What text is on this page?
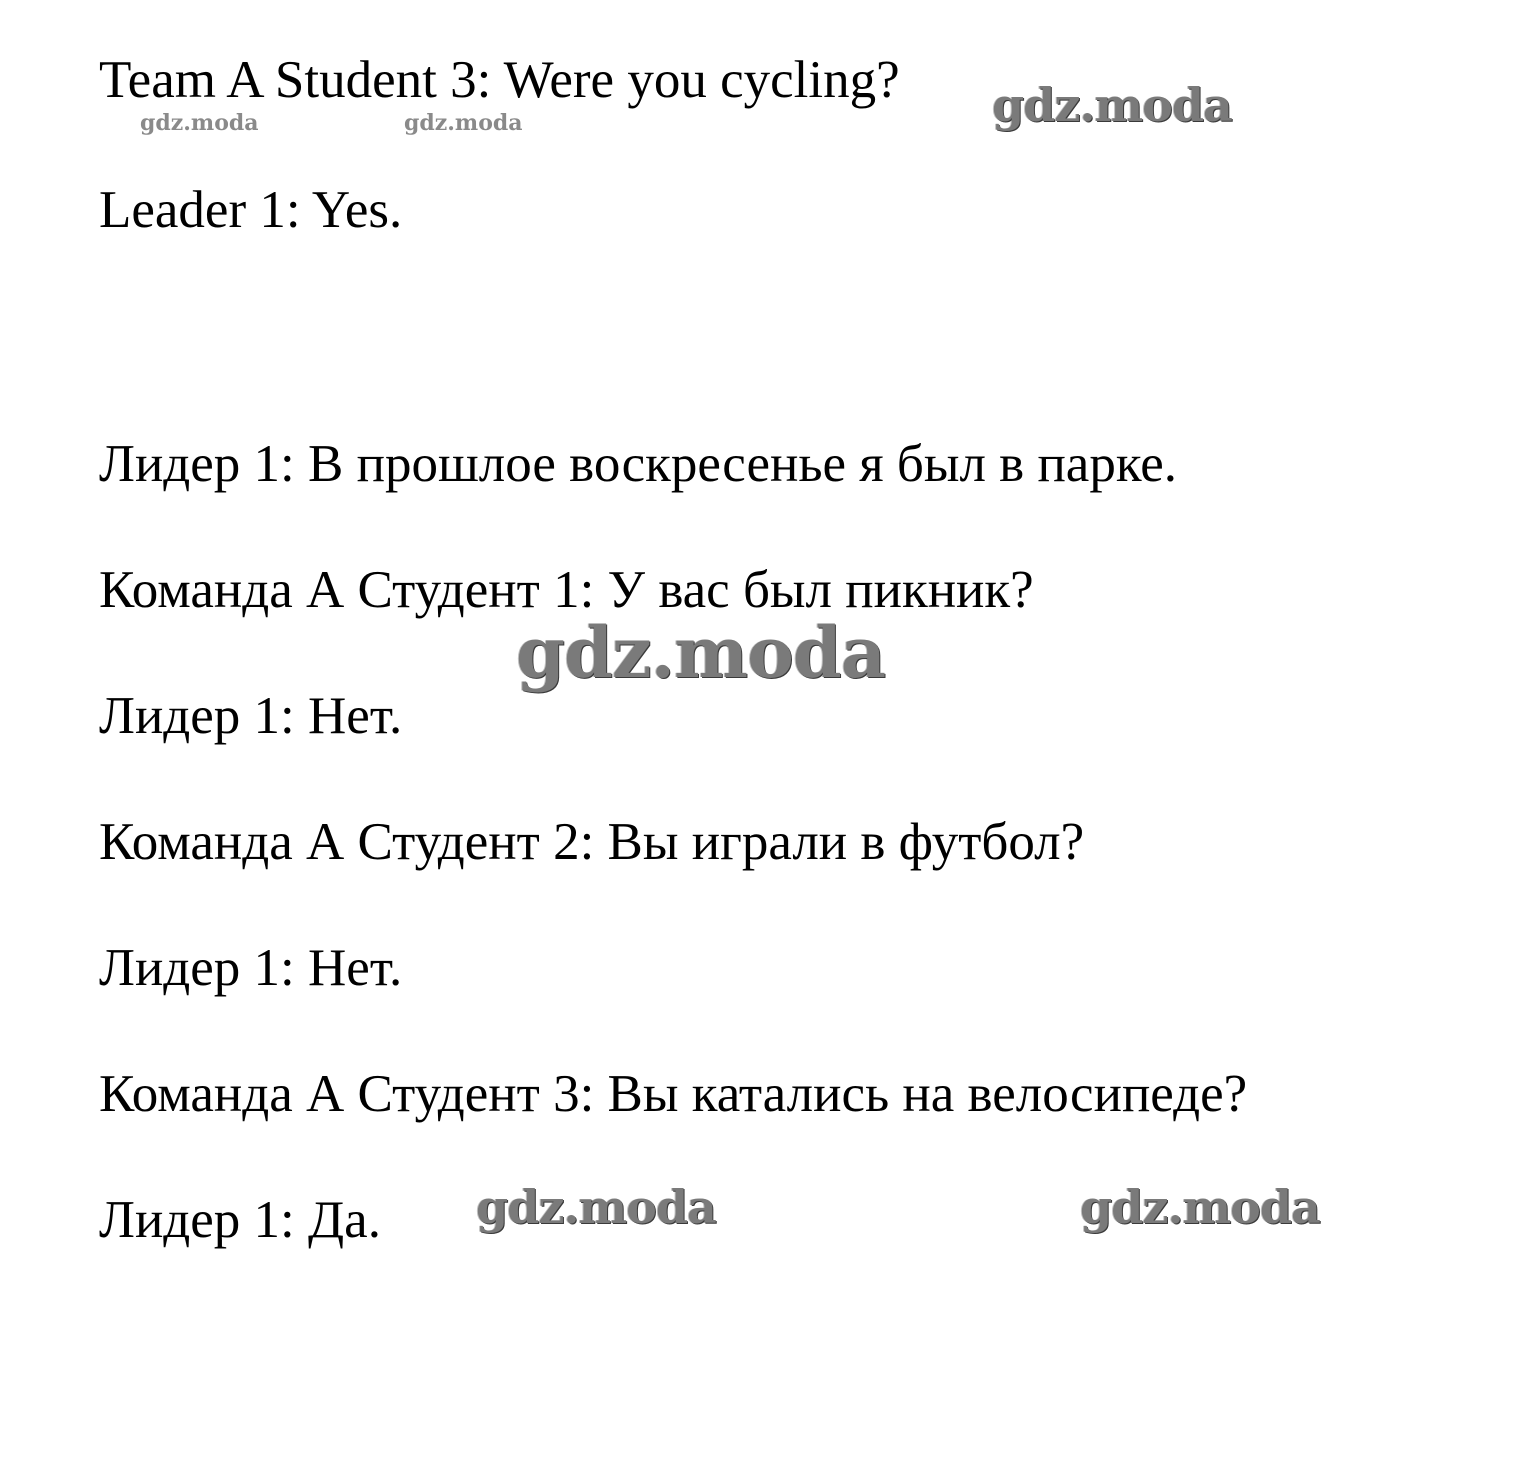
Team A Student 3: Were you cycling?
Leader 1: Yes.
Лидер 1: В прошлое воскресенье я был в парке.
Команда А Студент 1: У вас был пикник?
Лидер 1: Нет.
Команда А Студент 2: Вы играли в футбол?
Лидер 1: Нет.
Команда А Студент 3: Вы катались на велосипеде?
Лидер 1: Да.
gdz.moda	gdz.moda	gdz.moda
gdz.moda
gdz.moda	gdz.moda
